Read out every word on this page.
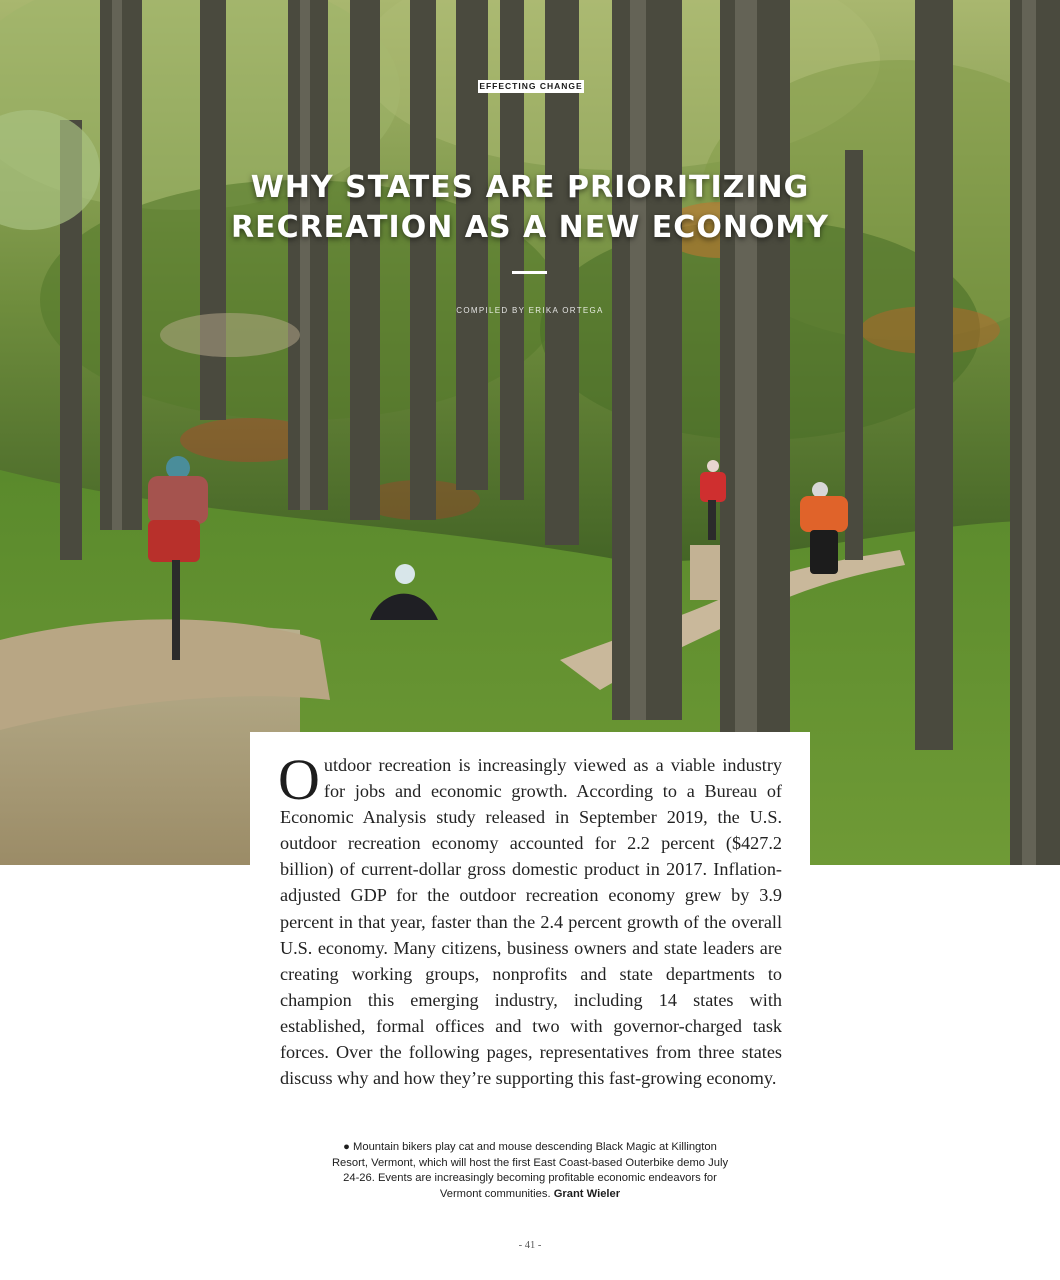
EFFECTING CHANGE
WHY STATES ARE PRIORITIZING
RECREATION AS A NEW ECONOMY
COMPILED BY ERIKA ORTEGA

Outdoor recreation is increasingly viewed as a viable industry for jobs and economic growth. According to a Bureau of Economic Analysis study released in September 2019, the U.S. outdoor recreation economy accounted for 2.2 percent ($427.2 billion) of current-dollar gross domestic product in 2017. Inflation-adjusted GDP for the outdoor recreation economy grew by 3.9 percent in that year, faster than the 2.4 percent growth of the overall U.S. economy. Many citizens, business owners and state leaders are creating working groups, nonprofits and state departments to champion this emerging industry, including 14 states with established, formal offices and two with governor-charged task forces. Over the following pages, representatives from three states discuss why and how they’re supporting this fast-growing economy.

● Mountain bikers play cat and mouse descending Black Magic at Killington Resort, Vermont, which will host the first East Coast-based Outerbike demo July 24-26. Events are increasingly becoming profitable economic endeavors for Vermont communities. Grant Wieler

- 41 -
